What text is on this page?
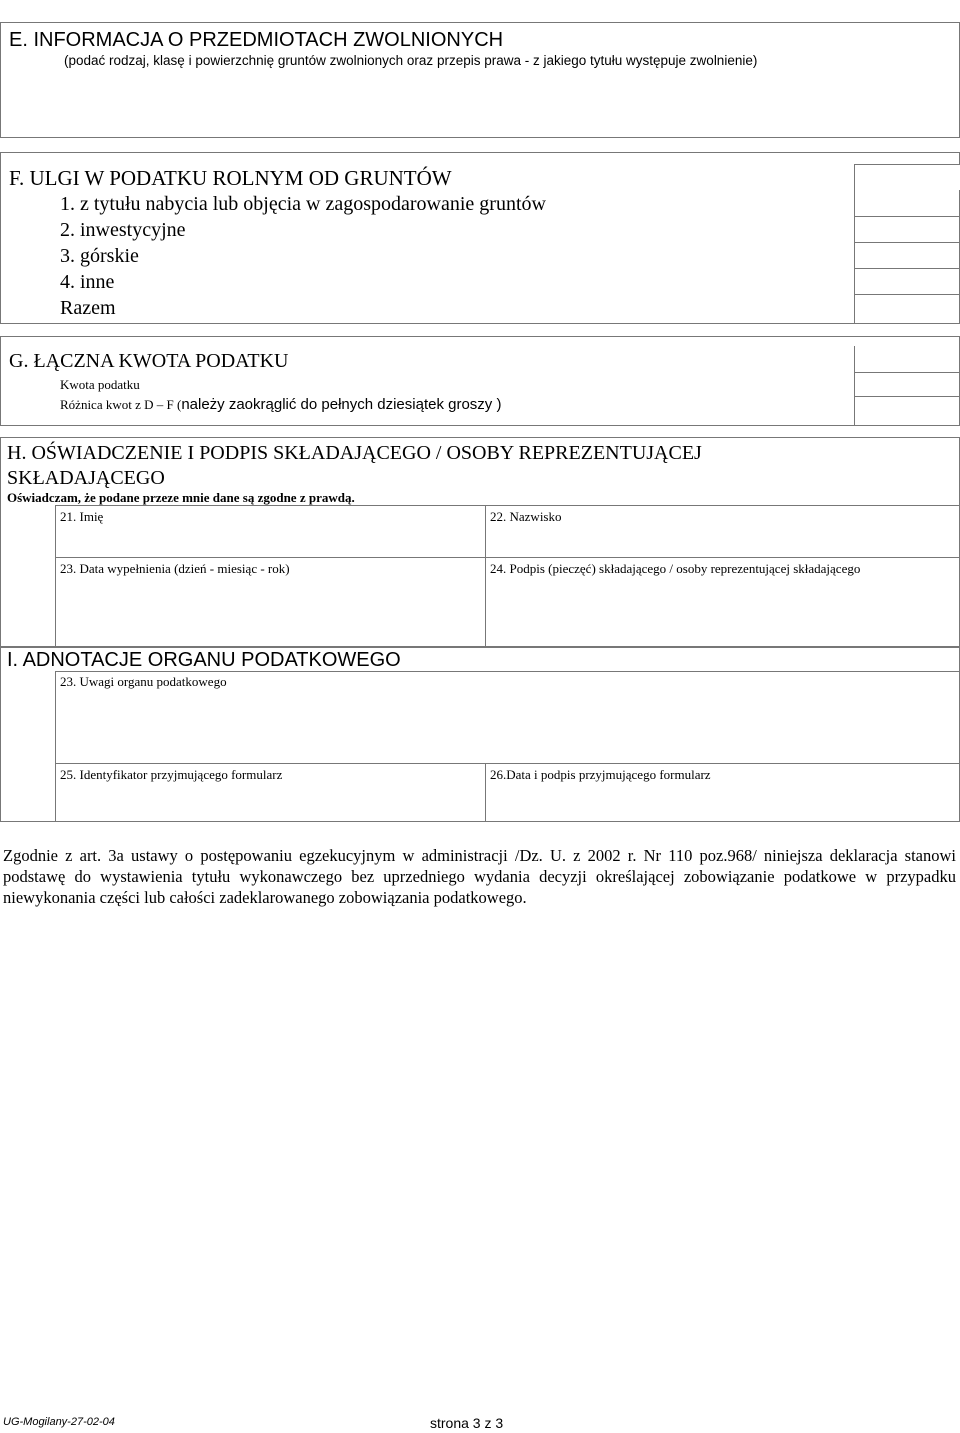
E. INFORMACJA O PRZEDMIOTACH ZWOLNIONYCH
(podać rodzaj, klasę i powierzchnię gruntów zwolnionych oraz przepis prawa - z jakiego tytułu występuje zwolnienie)
F. ULGI W PODATKU ROLNYM OD GRUNTÓW
1. z tytułu nabycia lub objęcia w zagospodarowanie gruntów
2. inwestycyjne
3. górskie
4. inne
Razem
G. ŁĄCZNA KWOTA PODATKU
Kwota podatku
Różnica kwot z D – F (należy zaokrąglić do pełnych dziesiątek groszy )
H. OŚWIADCZENIE I PODPIS SKŁADAJĄCEGO / OSOBY REPREZENTUJĄCEJ
SKŁADAJĄCEGO
Oświadczam, że podane przeze mnie dane są zgodne z prawdą.
21. Imię	22. Nazwisko
23. Data wypełnienia (dzień - miesiąc - rok)	24. Podpis (pieczęć) składającego / osoby reprezentującej składającego
I. ADNOTACJE ORGANU PODATKOWEGO
23. Uwagi organu podatkowego
25. Identyfikator przyjmującego formularz	26.Data i podpis przyjmującego formularz
Zgodnie z art. 3a ustawy o postępowaniu egzekucyjnym w administracji /Dz. U. z 2002 r. Nr 110 poz.968/ niniejsza deklaracja stanowi podstawę do wystawienia tytułu wykonawczego bez uprzedniego wydania decyzji określającej zobowiązanie podatkowe w przypadku niewykonania części lub całości zadeklarowanego zobowiązania podatkowego.
UG-Mogilany-27-02-04	strona 3 z 3
